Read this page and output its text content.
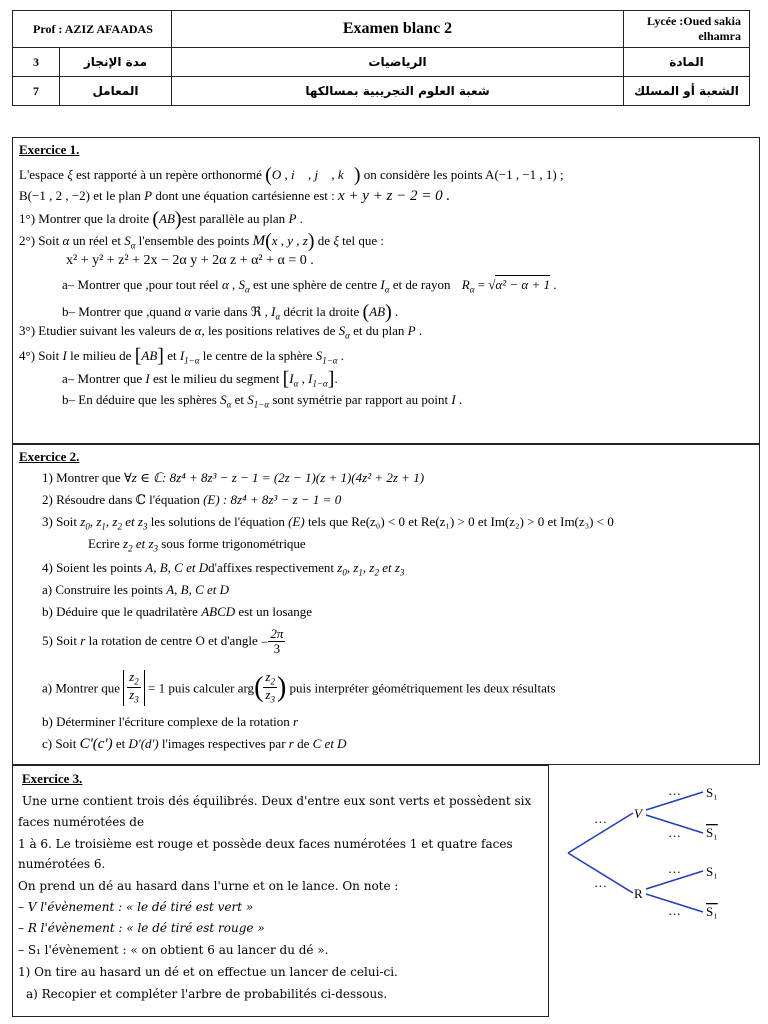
Prof : AZIZ AFAADAS		Examen blanc 2	Lycée :Oued sakia elhamra
3	مدة الإنجاز	الرياضيات	المادة
7	المعامل	شعبة العلوم التجريبية بمسالكها	الشعبة أو المسلك
Exercice 1.
L'espace ξ est rapporté à un repère orthonormé (O , i⃗ , j⃗ , k⃗) on considère les points A(−1 , −1 , 1) ;
B(−1 , 2 , −2) et le plan P dont une équation cartésienne est : x + y + z − 2 = 0 .
1°) Montrer que la droite (AB)est parallèle au plan P .
2°) Soit α un réel et $S_\alpha$ l'ensemble des points M(x , y , z) de ξ tel que :
x² + y² + z² + 2x − 2α y + 2α z + α² + α = 0 .
a– Montrer que ,pour tout réel α , $S_\alpha$ est une sphère de centre $I_\alpha$ et de rayon $R_\alpha = √\alpha^2 - \alpha + 1$ .
b– Montrer que ,quand α varie dans ℜ , $I_\alpha$ décrit la droite (AB) .
3°) Etudier suivant les valeurs de α, les positions relatives de $S_\alpha$ et du plan P .
4°) Soit I le milieu de [AB] et $I_{1-\alpha}$ le centre de la sphère $S_{1-\alpha}$ .
a– Montrer que I est le milieu du segment [$I_\alpha$ , $I_{1-\alpha}$].
b– En déduire que les sphères $S_\alpha$ et $S_{1-\alpha}$ sont symétrie par rapport au point I .
Exercice 2.
1) Montrer que ∀z ∈ ℂ: 8z⁴ + 8z³ − z − 1 = (2z − 1)(z + 1)(4z² + 2z + 1)
2) Résoudre dans ℂ l'équation (E) : 8z⁴ + 8z³ − z − 1 = 0
3) Soit $z_0$, $z_1$, $z_2$ et $z_3$ les solutions de l'équation (E) tels que Re(z₀) < 0 et Re(z₁) > 0 et Im(z₂) > 0 et Im(z₃) < 0
Ecrire $z_2$ et $z_3$ sous forme trigonométrique
4) Soient les points A, B, C et Dd'affixes respectivement $z_0$, $z_1$, $z_2$ et $z_3$
a) Construire les points A, B, C et D
b) Déduire que le quadrilatère ABCD est un losange
5) Soit r la rotation de centre O et d'angle − $\frac{2\pi}{3}$
a) Montrer que $\frac{z_2}{z_3} = 1$ puis calculer $arg( \frac{z_2}{z_3}$ ) puis interpréter géométriquement les deux résultats
b) Déterminer l'écriture complexe de la rotation r
c) Soit C'(c') et D'(d') l'images respectives par r de C et D
Exercice 3.
Une urne contient trois dés équilibrés. Deux d'entre eux sont verts et possèdent six
faces numérotées de
1 à 6. Le troisième est rouge et possède deux faces numérotées 1 et quatre faces
numérotées 6.
On prend un dé au hasard dans l'urne et on le lance. On note :
– V l'évènement : « le dé tiré est vert »
– R l'évènement : « le dé tiré est rouge »
– S₁ l'évènement : « on obtient 6 au lancer du dé ».
1) On tire au hasard un dé et on effectue un lancer de celui-ci.
a) Recopier et compléter l'arbre de probabilités ci-dessous.
V
R
S₁
S₁
S₁
S₁
…
…
…
…
…
…
